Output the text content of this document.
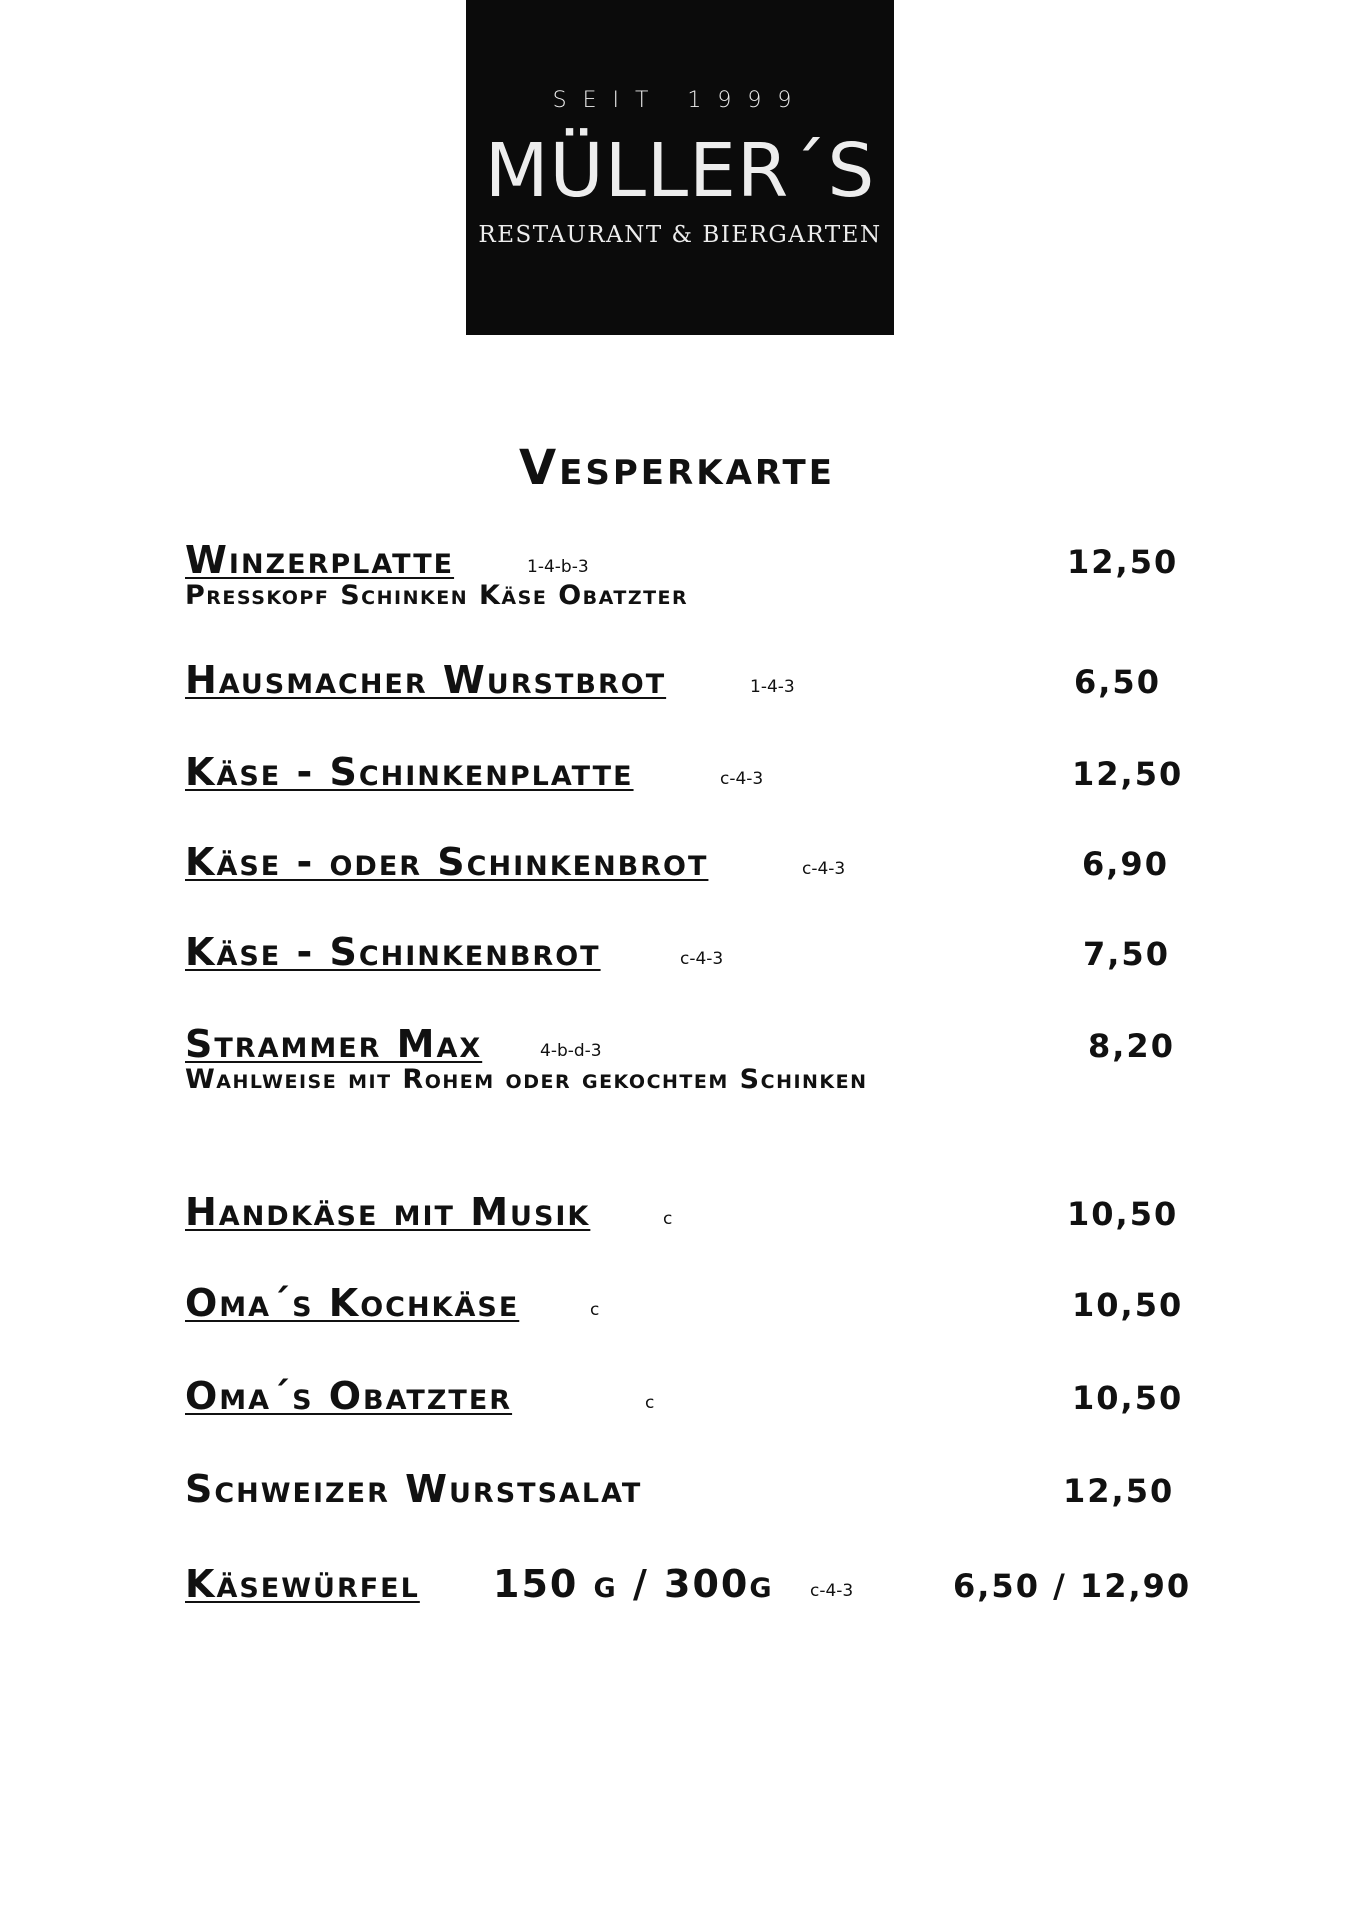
SEIT 1999
MÜLLER´S
RESTAURANT & BIERGARTEN
Vesperkarte
Winzerplatte	1-4-b-3	12,50
Presskopf Schinken Käse Obatzter
Hausmacher Wurstbrot	1-4-3	6,50
Käse - Schinkenplatte	c-4-3	12,50
Käse - oder Schinkenbrot	c-4-3	6,90
Käse - Schinkenbrot	c-4-3	7,50
Strammer Max	4-b-d-3	8,20
Wahlweise mit Rohem oder gekochtem Schinken
Handkäse mit Musik	c	10,50
Oma´s Kochkäse	c	10,50
Oma´s Obatzter	c	10,50
Schweizer Wurstsalat	12,50
Käsewürfel 150 g / 300g c-4-3	6,50 / 12,90
